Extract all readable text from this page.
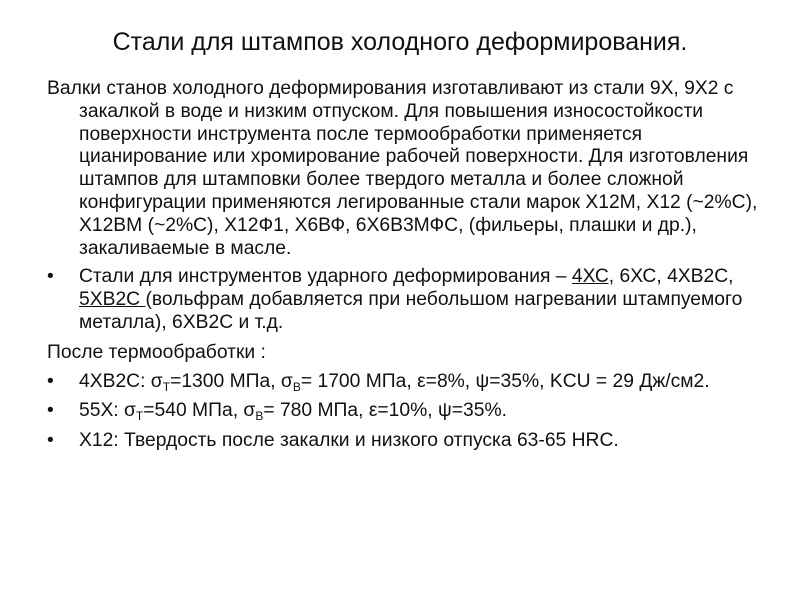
Стали для штампов холодного деформирования.
Валки станов холодного деформирования изготавливают из стали 9Х, 9Х2 с закалкой в воде и низким отпуском. Для повышения износостойкости поверхности инструмента после термообработки применяется цианирование или хромирование рабочей поверхности. Для изготовления штампов для штамповки более твердого металла и более сложной конфигурации применяются легированные стали марок Х12М, Х12 (~2%С), Х12ВМ (~2%С), Х12Ф1, Х6ВФ, 6Х6В3МФС, (фильеры, плашки и др.), закаливаемые в масле.
•	Стали для инструментов ударного деформирования – 4ХС, 6ХС, 4ХВ2С, 5ХВ2С (вольфрам добавляется при небольшом нагревании штампуемого металла), 6ХВ2С и т.д.
После термообработки :
•	4ХВ2С: $\sigma_T=1300$ МПа, $\sigma_B= 1700$ МПа, ε=8%, ψ=35%, KCU = 29 Дж/см2.
•	55Х: $\sigma_T=540$ МПа, $\sigma_B= 780$ МПа, ε=10%, ψ=35%.
•	Х12: Твердость после закалки и низкого отпуска 63-65 HRC.
